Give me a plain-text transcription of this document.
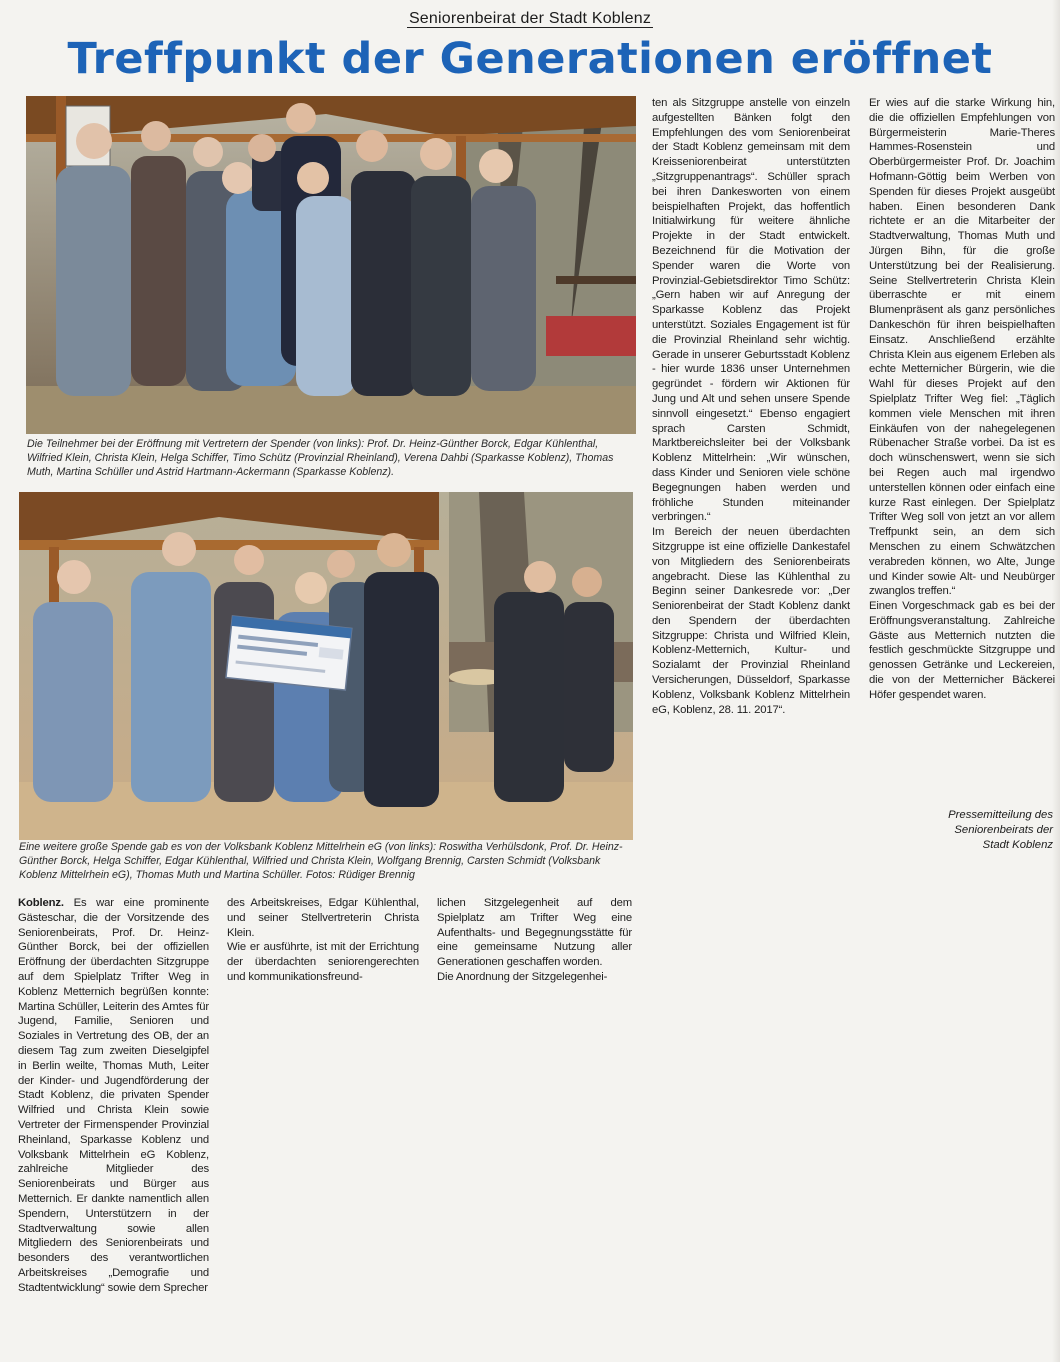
Seniorenbeirat der Stadt Koblenz
Treffpunkt der Generationen eröffnet
Die Teilnehmer bei der Eröffnung mit Vertretern der Spender (von links): Prof. Dr. Heinz-Günther Borck, Edgar Kühlenthal, Wilfried Klein, Christa Klein, Helga Schiffer, Timo Schütz (Provinzial Rheinland), Verena Dahbi (Sparkasse Koblenz), Thomas Muth, Martina Schüller und Astrid Hartmann-Ackermann (Sparkasse Koblenz).
Eine weitere große Spende gab es von der Volksbank Koblenz Mittelrhein eG (von links): Roswitha Verhülsdonk, Prof. Dr. Heinz-Günther Borck, Helga Schiffer, Edgar Kühlenthal, Wilfried und Christa Klein, Wolfgang Brennig, Carsten Schmidt (Volksbank Koblenz Mittelrhein eG), Thomas Muth und Martina Schüller. Fotos: Rüdiger Brennig

Koblenz. Es war eine prominente Gästeschar, die der Vorsitzende des Seniorenbeirats, Prof. Dr. Heinz-Günther Borck, bei der offiziellen Eröffnung der überdachten Sitzgruppe auf dem Spielplatz Trifter Weg in Koblenz Metternich begrüßen konnte: Martina Schüller, Leiterin des Amtes für Jugend, Familie, Senioren und Soziales in Vertretung des OB, der an diesem Tag zum zweiten Dieselgipfel in Berlin weilte, Thomas Muth, Leiter der Kinder- und Jugendförderung der Stadt Koblenz, die privaten Spender Wilfried und Christa Klein sowie Vertreter der Firmenspender Provinzial Rheinland, Sparkasse Koblenz und Volksbank Mittelrhein eG Koblenz, zahlreiche Mitglieder des Seniorenbeirats und Bürger aus Metternich. Er dankte namentlich allen Spendern, Unterstützern in der Stadtverwaltung sowie allen Mitgliedern des Seniorenbeirats und besonders des verantwortlichen Arbeitskreises „Demografie und Stadtentwicklung“ sowie dem Sprecher

des Arbeitskreises, Edgar Kühlenthal, und seiner Stellvertreterin Christa Klein.

Wie er ausführte, ist mit der Errichtung der überdachten seniorengerechten und kommunikationsfreund-

lichen Sitzgelegenheit auf dem Spielplatz am Trifter Weg eine Aufenthalts- und Begegnungsstätte für eine gemeinsame Nutzung aller Generationen geschaffen worden.

Die Anordnung der Sitzgelegenhei-

ten als Sitzgruppe anstelle von einzeln aufgestellten Bänken folgt den Empfehlungen des vom Seniorenbeirat der Stadt Koblenz gemeinsam mit dem Kreisseniorenbeirat unterstützten „Sitzgruppenantrags“. Schüller sprach bei ihren Dankesworten von einem beispielhaften Projekt, das hoffentlich Initialwirkung für weitere ähnliche Projekte in der Stadt entwickelt. Bezeichnend für die Motivation der Spender waren die Worte von Provinzial-Gebietsdirektor Timo Schütz: „Gern haben wir auf Anregung der Sparkasse Koblenz das Projekt unterstützt. Soziales Engagement ist für die Provinzial Rheinland sehr wichtig. Gerade in unserer Geburtsstadt Koblenz - hier wurde 1836 unser Unternehmen gegründet - fördern wir Aktionen für Jung und Alt und sehen unsere Spende sinnvoll eingesetzt.“ Ebenso engagiert sprach Carsten Schmidt, Marktbereichsleiter bei der Volksbank Koblenz Mittelrhein: „Wir wünschen, dass Kinder und Senioren viele schöne Begegnungen haben werden und fröhliche Stunden miteinander verbringen.“

Im Bereich der neuen überdachten Sitzgruppe ist eine offizielle Dankestafel von Mitgliedern des Seniorenbeirats angebracht. Diese las Kühlenthal zu Beginn seiner Dankesrede vor: „Der Seniorenbeirat der Stadt Koblenz dankt den Spendern der überdachten Sitzgruppe: Christa und Wilfried Klein, Koblenz-Metternich, Kultur- und Sozialamt der Provinzial Rheinland Versicherungen, Düsseldorf, Sparkasse Koblenz, Volksbank Koblenz Mittelrhein eG, Koblenz, 28. 11. 2017“.

Er wies auf die starke Wirkung hin, die die offiziellen Empfehlungen von Bürgermeisterin Marie-Theres Hammes-Rosenstein und Oberbürgermeister Prof. Dr. Joachim Hofmann-Göttig beim Werben von Spenden für dieses Projekt ausgeübt haben. Einen besonderen Dank richtete er an die Mitarbeiter der Stadtverwaltung, Thomas Muth und Jürgen Bihn, für die große Unterstützung bei der Realisierung. Seine Stellvertreterin Christa Klein überraschte er mit einem Blumenpräsent als ganz persönliches Dankeschön für ihren beispielhaften Einsatz. Anschließend erzählte Christa Klein aus eigenem Erleben als echte Metternicher Bürgerin, wie die Wahl für dieses Projekt auf den Spielplatz Trifter Weg fiel: „Täglich kommen viele Menschen mit ihren Einkäufen von der nahegelegenen Rübenacher Straße vorbei. Da ist es doch wünschenswert, wenn sie sich bei Regen auch mal irgendwo unterstellen können oder einfach eine kurze Rast einlegen. Der Spielplatz Trifter Weg soll von jetzt an vor allem Treffpunkt sein, an dem sich Menschen zu einem Schwätzchen verabreden können, wo Alte, Junge und Kinder sowie Alt- und Neubürger zwanglos treffen.“

Einen Vorgeschmack gab es bei der Eröffnungsveranstaltung. Zahlreiche Gäste aus Metternich nutzten die festlich geschmückte Sitzgruppe und genossen Getränke und Leckereien, die von der Metternicher Bäckerei Höfer gespendet waren.

Pressemitteilung des
Seniorenbeirats der
Stadt Koblenz
